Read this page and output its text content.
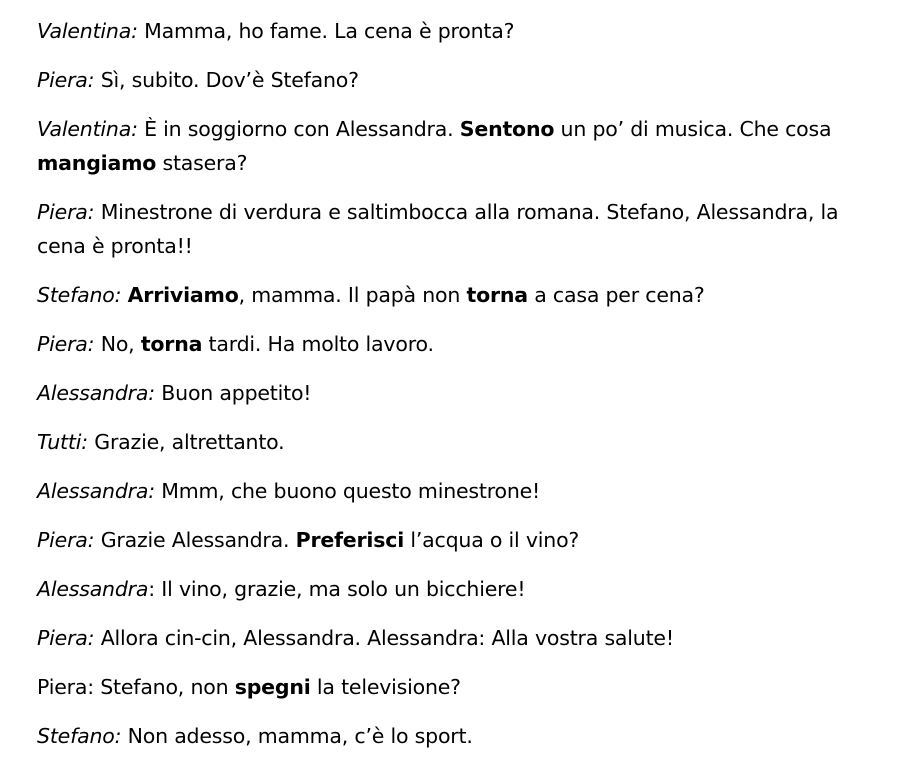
Valentina: Mamma, ho fame. La cena è pronta?

Piera: Sì, subito. Dov’è Stefano?

Valentina: È in soggiorno con Alessandra. Sentono un po’ di musica. Che cosa mangiamo stasera?

Piera: Minestrone di verdura e saltimbocca alla romana. Stefano, Alessandra, la cena è pronta!!

Stefano: Arriviamo, mamma. Il papà non torna a casa per cena?

Piera: No, torna tardi. Ha molto lavoro.

Alessandra: Buon appetito!

Tutti: Grazie, altrettanto.

Alessandra: Mmm, che buono questo minestrone!

Piera: Grazie Alessandra. Preferisci l’acqua o il vino?

Alessandra: Il vino, grazie, ma solo un bicchiere!

Piera: Allora cin-cin, Alessandra. Alessandra: Alla vostra salute!

Piera: Stefano, non spegni la televisione?

Stefano: Non adesso, mamma, c’è lo sport.
